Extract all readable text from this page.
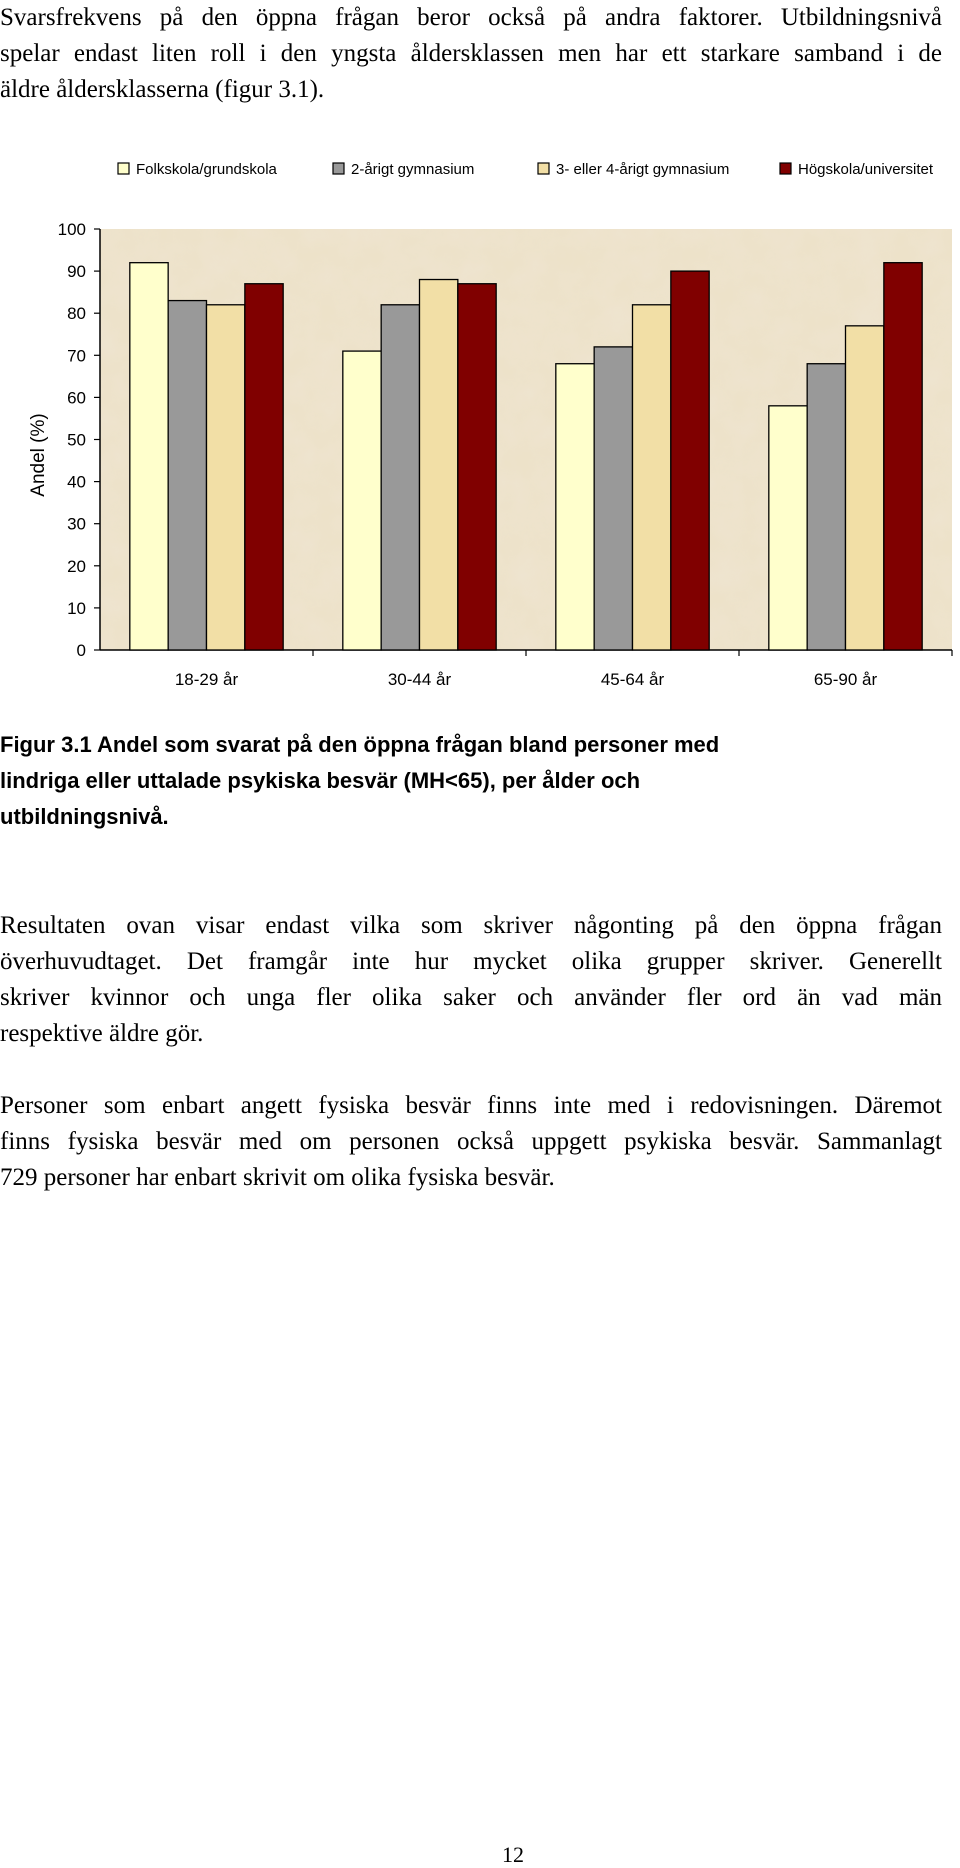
Svarsfrekvens på den öppna frågan beror också på andra faktorer. Utbildningsnivå
spelar endast liten roll i den yngsta åldersklassen men har ett starkare samband i de
äldre åldersklasserna (figur 3.1).
0
10
20
30
40
50
60
70
80
90
100
18-29 år	30-44 år	45-64 år	65-90 år
Folkskola/grundskola	2-årigt gymnasium	3- eller 4-årigt gymnasium	Högskola/universitet
Andel (%)
Figur 3.1 Andel som svarat på den öppna frågan bland personer med
lindriga eller uttalade psykiska besvär (MH<65), per ålder och
utbildningsnivå.
Resultaten ovan visar endast vilka som skriver någonting på den öppna frågan
överhuvudtaget. Det framgår inte hur mycket olika grupper skriver. Generellt
skriver kvinnor och unga fler olika saker och använder fler ord än vad män
respektive äldre gör.
Personer som enbart angett fysiska besvär finns inte med i redovisningen. Däremot
finns fysiska besvär med om personen också uppgett psykiska besvär. Sammanlagt
729 personer har enbart skrivit om olika fysiska besvär.
12
